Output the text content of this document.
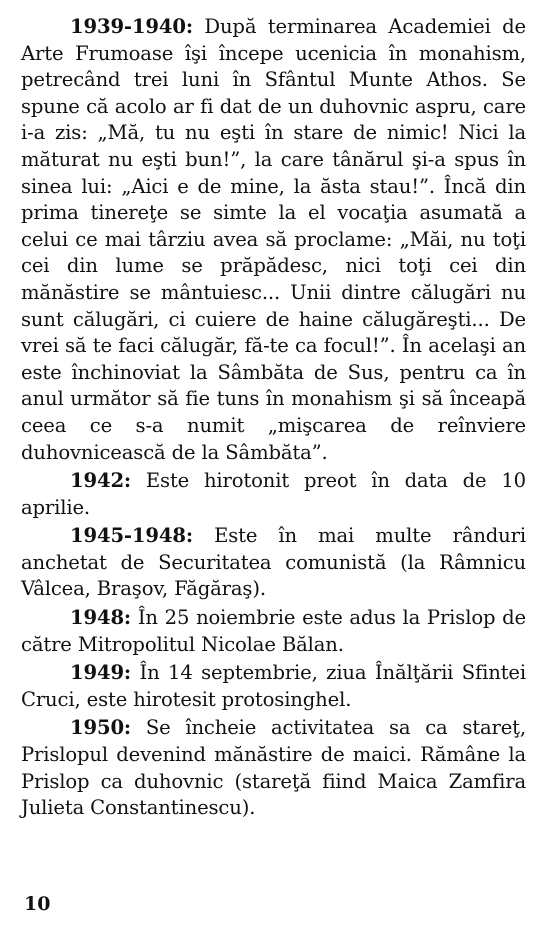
1939-1940: După terminarea Academiei de Arte Frumoase îşi începe ucenicia în monahism, petrecând trei luni în Sfântul Munte Athos. Se spune că acolo ar fi dat de un duhovnic aspru, care i-a zis: „Mă, tu nu eşti în stare de nimic! Nici la măturat nu eşti bun!”, la care tânărul şi-a spus în sinea lui: „Aici e de mine, la ăsta stau!”. Încă din prima tinereţe se simte la el vocaţia asumată a celui ce mai târziu avea să proclame: „Măi, nu toţi cei din lume se prăpădesc, nici toţi cei din mănăstire se mântuiesc... Unii dintre călugări nu sunt călugări, ci cuiere de haine călugăreşti... De vrei să te faci călugăr, fă-te ca focul!”. În acelaşi an este închinoviat la Sâmbăta de Sus, pentru ca în anul următor să fie tuns în monahism şi să înceapă ceea ce s-a numit „mişcarea de reînviere duhovnicească de la Sâmbăta”.

1942: Este hirotonit preot în data de 10 aprilie.

1945-1948: Este în mai multe rânduri anchetat de Securitatea comunistă (la Râmnicu Vâlcea, Braşov, Făgăraş).

1948: În 25 noiembrie este adus la Prislop de către Mitropolitul Nicolae Bălan.

1949: În 14 septembrie, ziua Înălţării Sfintei Cruci, este hirotesit protosinghel.

1950: Se încheie activitatea sa ca stareţ, Prislopul devenind mănăstire de maici. Rămâne la Prislop ca duhovnic (stareţă fiind Maica Zamfira Julieta Constantinescu).

10
